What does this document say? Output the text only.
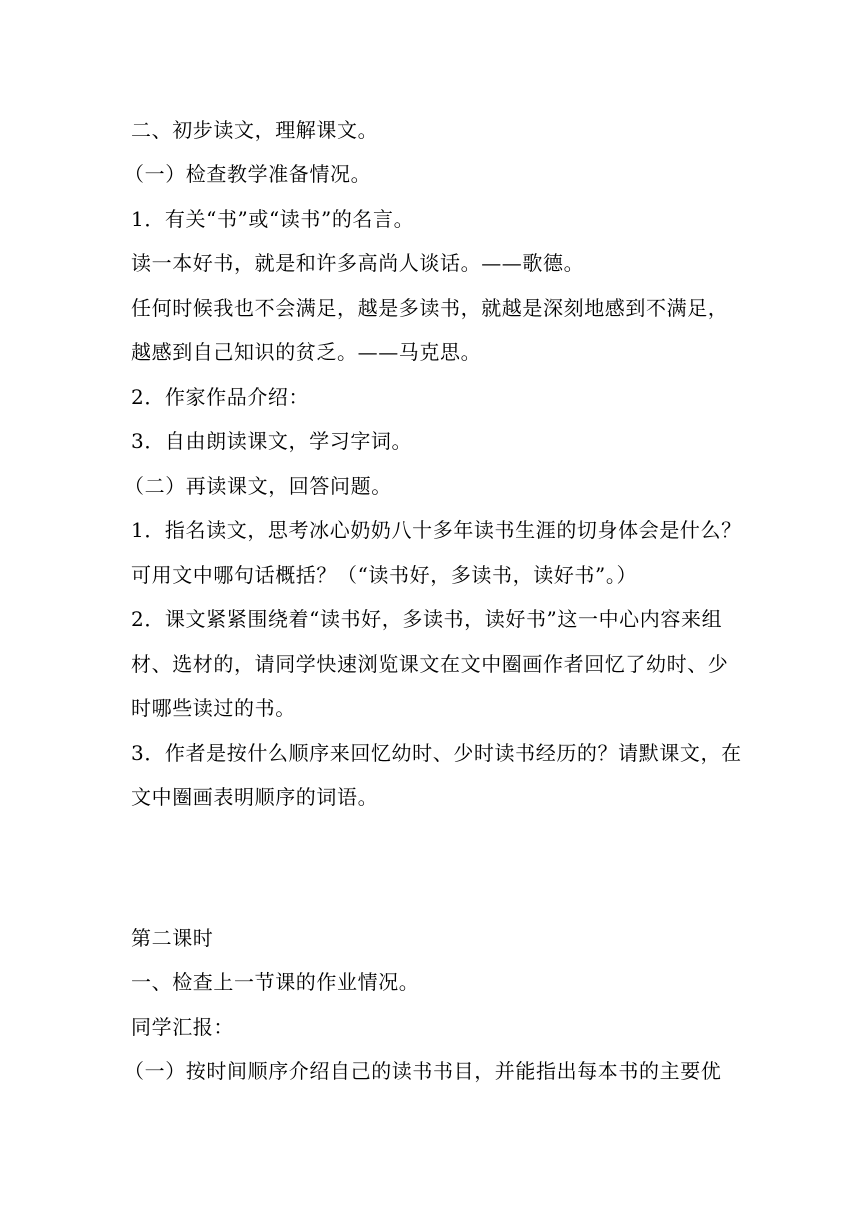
二、初步读文，理解课文。
（一）检查教学准备情况。
1．有关“书”或“读书”的名言。
读一本好书，就是和许多高尚人谈话。——歌德。
任何时候我也不会满足，越是多读书，就越是深刻地感到不满足，
越感到自己知识的贫乏。——马克思。
2．作家作品介绍：
3．自由朗读课文，学习字词。
（二）再读课文，回答问题。
1．指名读文，思考冰心奶奶八十多年读书生涯的切身体会是什么？
可用文中哪句话概括？（“读书好，多读书，读好书”。）
2．课文紧紧围绕着“读书好，多读书，读好书”这一中心内容来组
材、选材的，请同学快速浏览课文在文中圈画作者回忆了幼时、少
时哪些读过的书。
3．作者是按什么顺序来回忆幼时、少时读书经历的？请默课文，在
文中圈画表明顺序的词语。
第二课时
一、检查上一节课的作业情况。
同学汇报：
（一）按时间顺序介绍自己的读书书目，并能指出每本书的主要优
